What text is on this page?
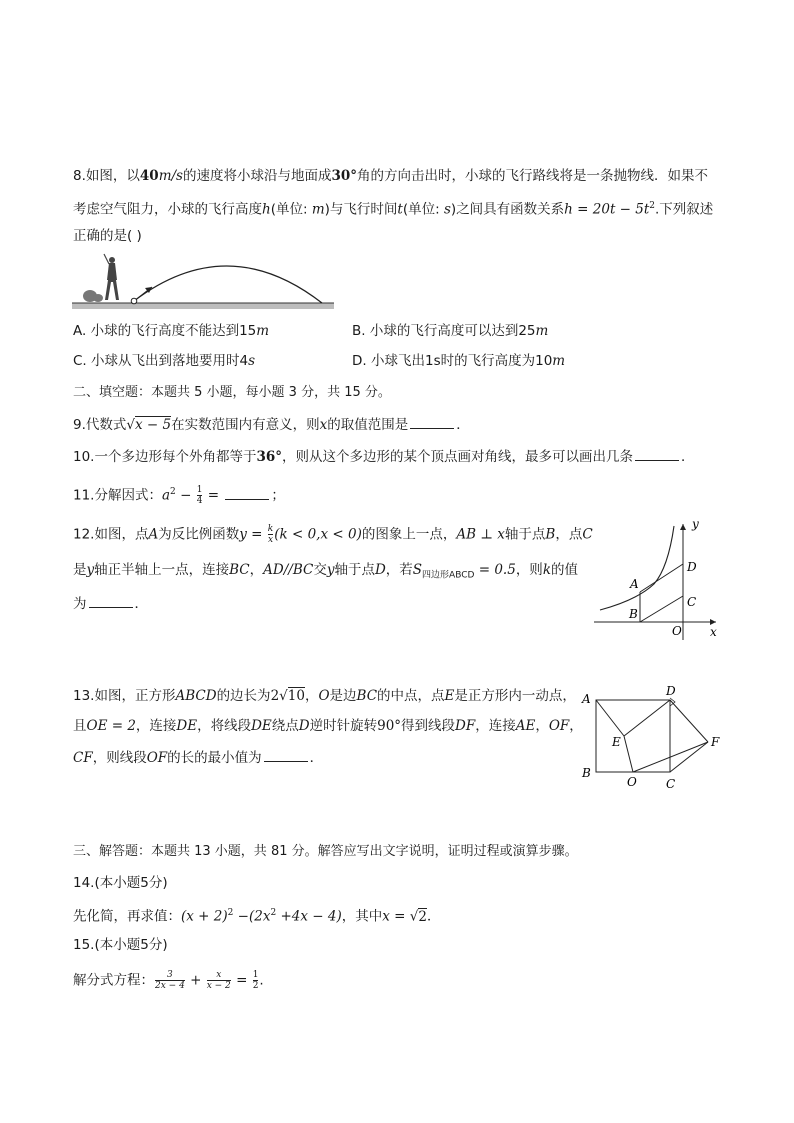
8.如图，以40m/s的速度将小球沿与地面成30°角的方向击出时，小球的飞行路线将是一条抛物线．如果不
考虑空气阻力，小球的飞行高度h(单位: m)与飞行时间t(单位: s)之间具有函数关系$h = 20t - 5t^2$.下列叙述
正确的是( )
A. 小球的飞行高度不能达到15m	B. 小球的飞行高度可以达到25m
C. 小球从飞出到落地要用时4s	D. 小球飞出1s时的飞行高度为10m
二、填空题：本题共 5 小题，每小题 3 分，共 15 分。
9.代数式√x − 5在实数范围内有意义，则x的取值范围是	．
10.一个多边形每个外角都等于36°，则从这个多边形的某个顶点画对角线，最多可以画出几条	．
11.分解因式：$a^2 - \frac{1}{4}$ =	；
12.如图，点A为反比例函数$y = \frac{k}{x} (k < 0,x < 0)$的图象上一点，AB ⊥ x轴于点B，点C
是y轴正半轴上一点，连接BC，AD//BC交y轴于点D，若$S_{四边形ABCD} = 0.5$，则k的值
为	．
y
x
A
B
C
D
O
13.如图，正方形ABCD的边长为2√10，O是边BC的中点，点E是正方形内一动点，
且OE = 2，连接DE，将线段DE绕点D逆时针旋转90°得到线段DF，连接AE，OF，
CF，则线段OF的长的最小值为	．
A
B
C
D
E	F
O
三、解答题：本题共 13 小题，共 81 分。解答应写出文字说明，证明过程或演算步骤。
14.(本小题5分)
先化简，再求值：$(x + 2)^2 -(2x^2 +4x - 4)$，其中x = √2．
15.(本小题5分)
解分式方程： $\frac{3}{2x - 4} + \frac{x}{x - 2} = \frac{1}{2}$ .
